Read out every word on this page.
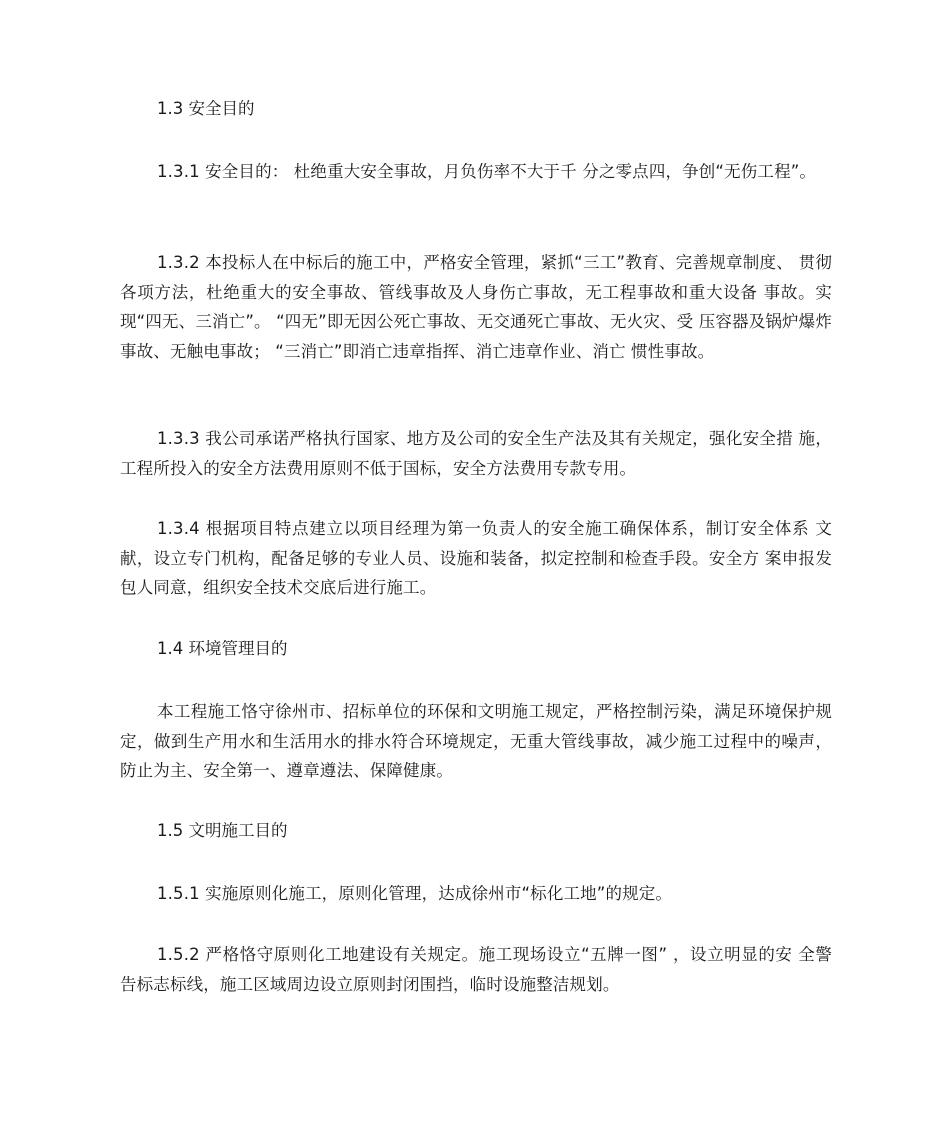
1.3 安全目的

1.3.1 安全目的： 杜绝重大安全事故，月负伤率不大于千 分之零点四，争创“无伤工程”。

1.3.2 本投标人在中标后的施工中，严格安全管理，紧抓“三工”教育、完善规章制度、 贯彻各项方法，杜绝重大的安全事故、管线事故及人身伤亡事故，无工程事故和重大设备 事故。实现“四无、三消亡”。 “四无”即无因公死亡事故、无交通死亡事故、无火灾、受 压容器及锅炉爆炸事故、无触电事故； “三消亡”即消亡违章指挥、消亡违章作业、消亡 惯性事故。

1.3.3 我公司承诺严格执行国家、地方及公司的安全生产法及其有关规定，强化安全措 施，工程所投入的安全方法费用原则不低于国标，安全方法费用专款专用。

1.3.4 根据项目特点建立以项目经理为第一负责人的安全施工确保体系，制订安全体系 文献，设立专门机构，配备足够的专业人员、设施和装备，拟定控制和检查手段。安全方 案申报发包人同意，组织安全技术交底后进行施工。

1.4 环境管理目的

本工程施工恪守徐州市、招标单位的环保和文明施工规定，严格控制污染，满足环境保护规定，做到生产用水和生活用水的排水符合环境规定，无重大管线事故，减少施工过程中的噪声，防止为主、安全第一、遵章遵法、保障健康。

1.5 文明施工目的

1.5.1 实施原则化施工，原则化管理，达成徐州市“标化工地”的规定。

1.5.2 严格恪守原则化工地建设有关规定。施工现场设立“五牌一图” ，设立明显的安 全警告标志标线，施工区域周边设立原则封闭围挡，临时设施整洁规划。
